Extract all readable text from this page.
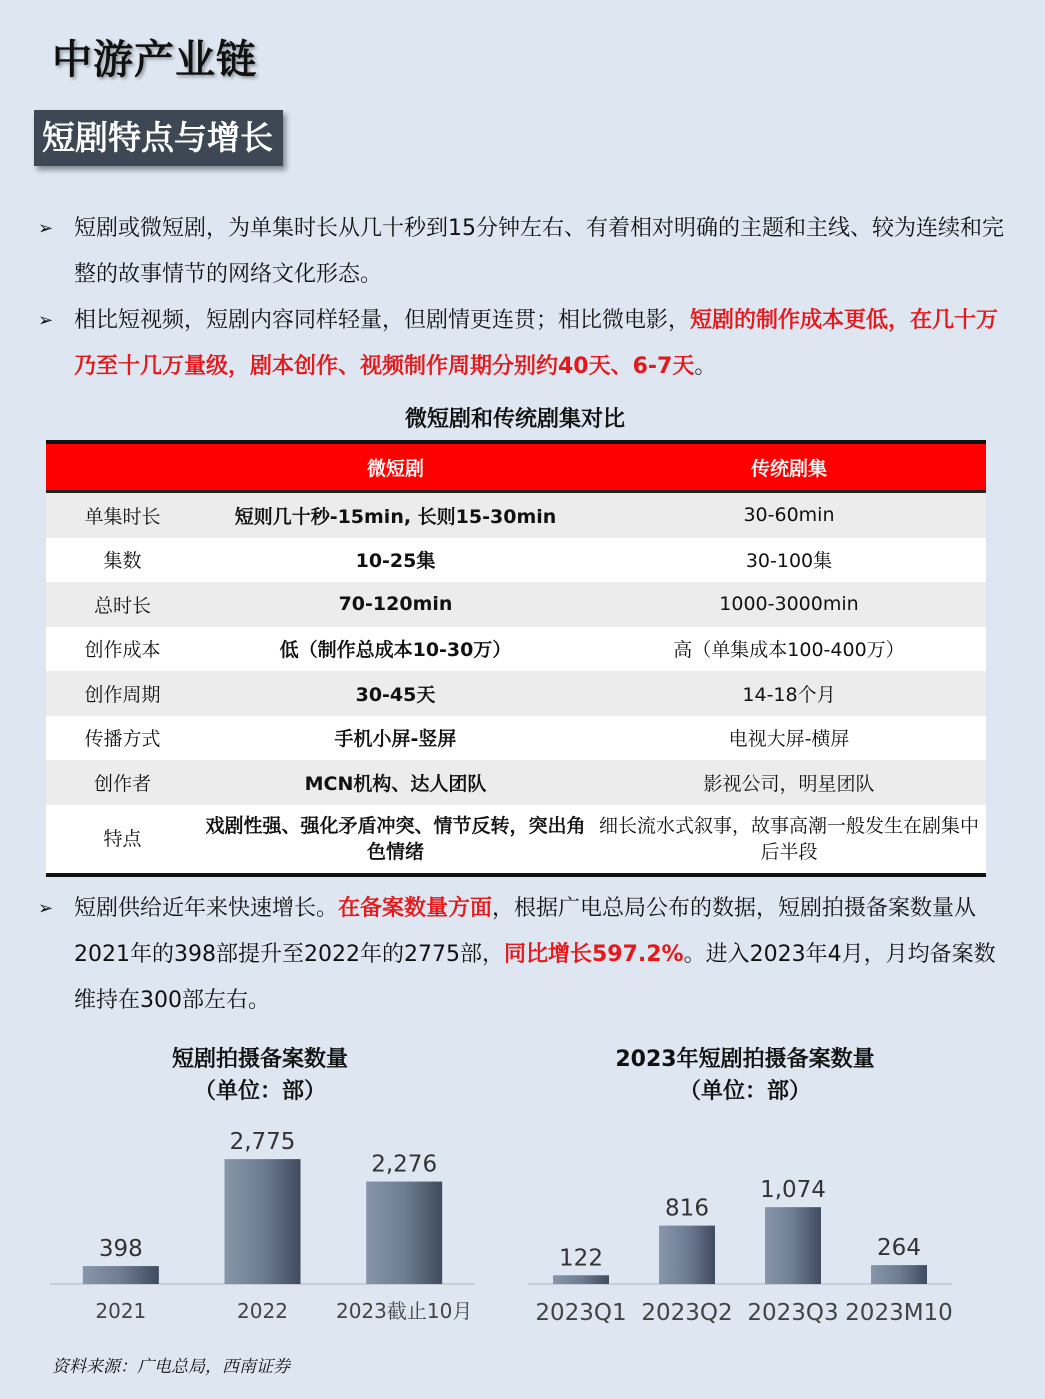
中游产业链
短剧特点与增长
➢ 短剧或微短剧，为单集时长从几十秒到15分钟左右、有着相对明确的主题和主线、较为连续和完整的故事情节的网络文化形态。
➢ 相比短视频，短剧内容同样轻量，但剧情更连贯；相比微电影，短剧的制作成本更低，在几十万乃至十几万量级，剧本创作、视频制作周期分别约40天、6-7天。
微短剧和传统剧集对比
	微短剧	传统剧集
单集时长	短则几十秒-15min, 长则15-30min	30-60min
集数	10-25集	30-100集
总时长	70-120min	1000-3000min
创作成本	低（制作总成本10-30万）	高（单集成本100-400万）
创作周期	30-45天	14-18个月
传播方式	手机小屏-竖屏	电视大屏-横屏
创作者	MCN机构、达人团队	影视公司，明星团队
特点	戏剧性强、强化矛盾冲突、情节反转，突出角色情绪	细长流水式叙事，故事高潮一般发生在剧集中后半段
➢ 短剧供给近年来快速增长。在备案数量方面，根据广电总局公布的数据，短剧拍摄备案数量从2021年的398部提升至2022年的2775部，同比增长597.2%。进入2023年4月，月均备案数维持在300部左右。
短剧拍摄备案数量
（单位：部）
2023年短剧拍摄备案数量
（单位：部）
398
2021
2,775
2022
2,276
2023截止10月
122
2023Q1
816
2023Q2
1,074
2023Q3
264
2023M10
资料来源：广电总局，西南证券
